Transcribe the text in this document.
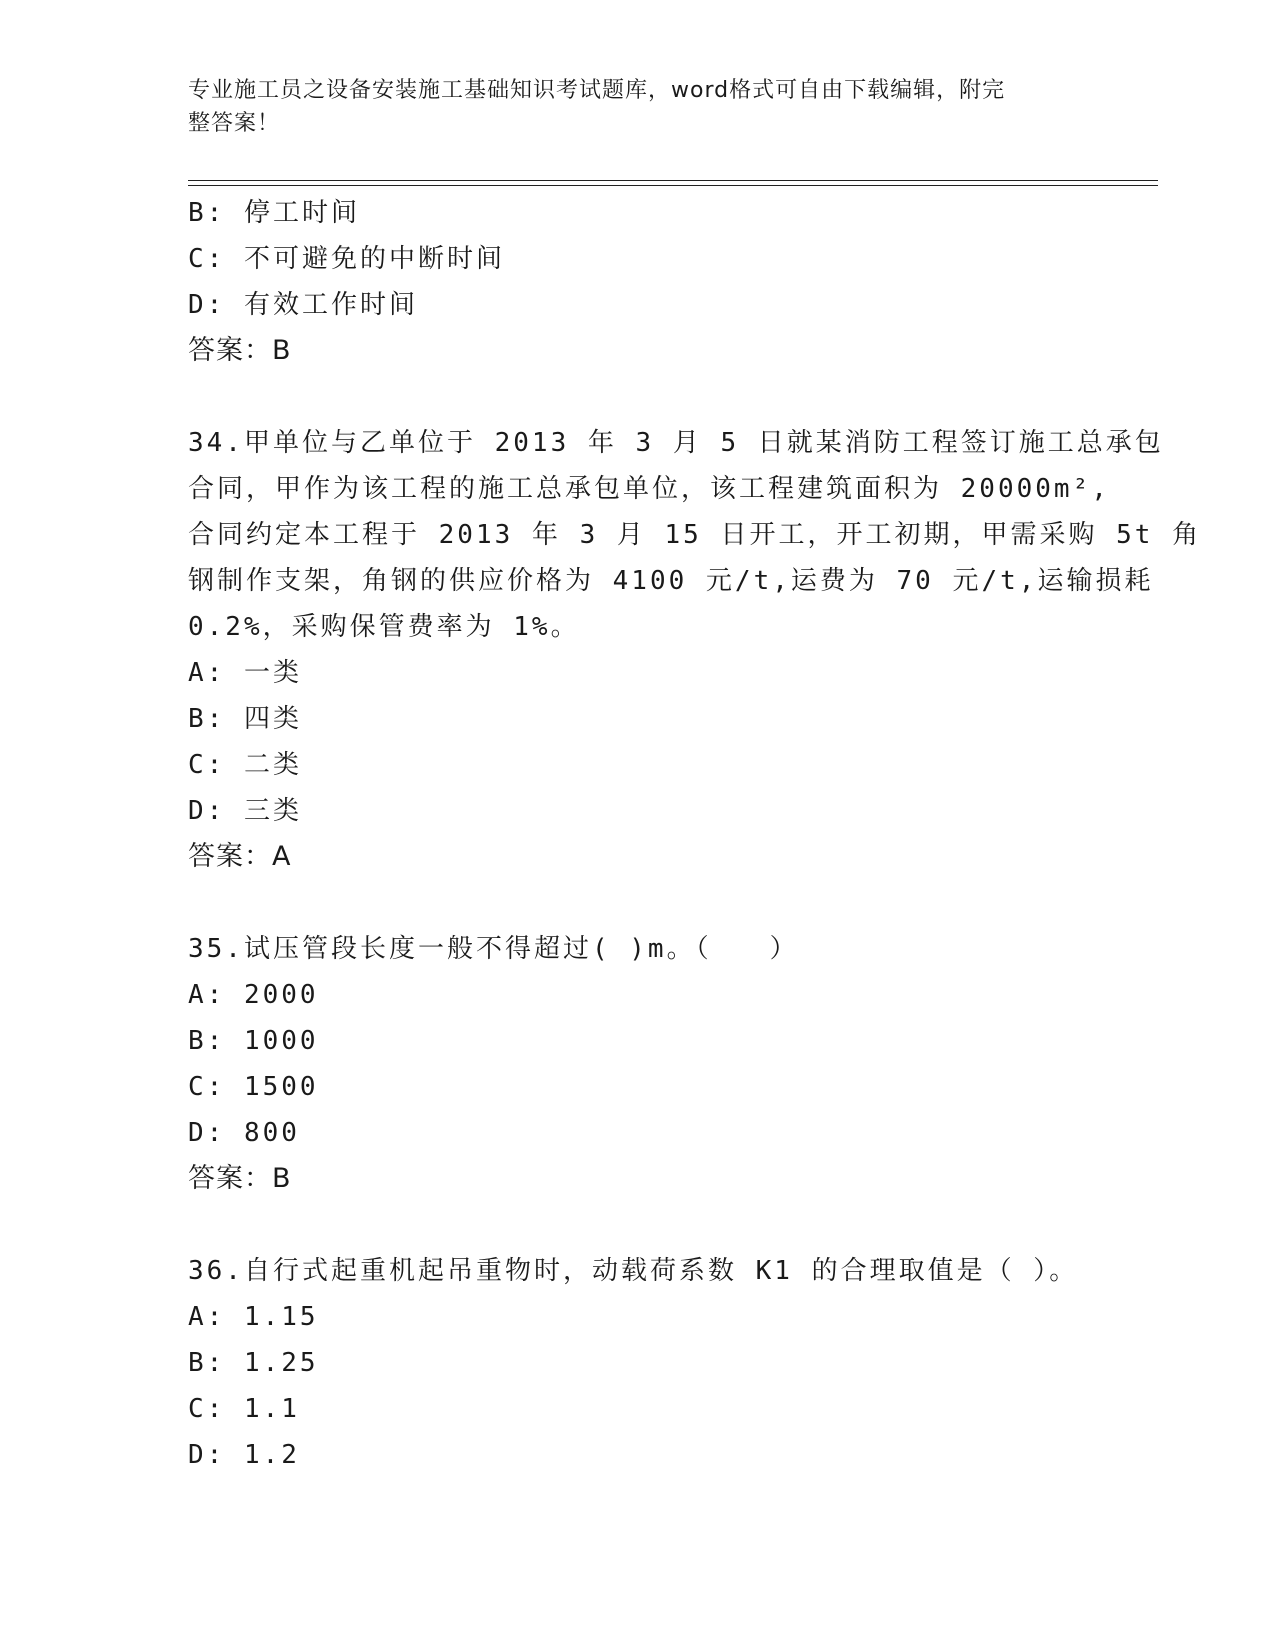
专业施工员之设备安装施工基础知识考试题库，word格式可自由下载编辑，附完
整答案！
B: 停工时间
C: 不可避免的中断时间
D: 有效工作时间
答案：B
34.甲单位与乙单位于 2013 年 3 月 5 日就某消防工程签订施工总承包
合同，甲作为该工程的施工总承包单位，该工程建筑面积为 20000m²,
合同约定本工程于 2013 年 3 月 15 日开工，开工初期，甲需采购 5t 角
钢制作支架，角钢的供应价格为 4100 元/t,运费为 70 元/t,运输损耗
0.2%，采购保管费率为 1%。
A: 一类
B: 四类
C: 二类
D: 三类
答案：A
35.试压管段长度一般不得超过( )m。（　　）
A: 2000
B: 1000
C: 1500
D: 800
答案：B
36.自行式起重机起吊重物时，动载荷系数 K1 的合理取值是（ ）。
A: 1.15
B: 1.25
C: 1.1
D: 1.2
